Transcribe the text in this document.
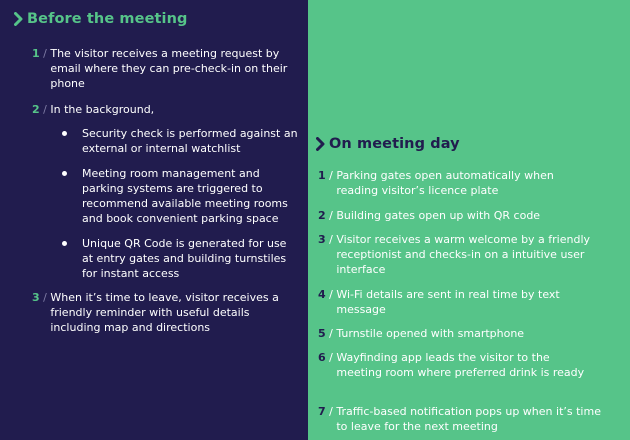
Before the meeting
1 / The visitor receives a meeting request by email where they can pre-check-in on their phone
2 / In the background,
Security check is performed against an external or internal watchlist
Meeting room management and parking systems are triggered to recommend available meeting rooms and book convenient parking space
Unique QR Code is generated for use at entry gates and building turnstiles for instant access
3 / When it’s time to leave, visitor receives a friendly reminder with useful details including map and directions
On meeting day
1 / Parking gates open automatically when reading visitor’s licence plate
2 / Building gates open up with QR code
3 / Visitor receives a warm welcome by a friendly receptionist and checks-in on a intuitive user interface
4 / Wi-Fi details are sent in real time by text message
5 / Turnstile opened with smartphone
6 / Wayfinding app leads the visitor to the meeting room where preferred drink is ready
7 / Traffic-based notification pops up when it’s time to leave for the next meeting
